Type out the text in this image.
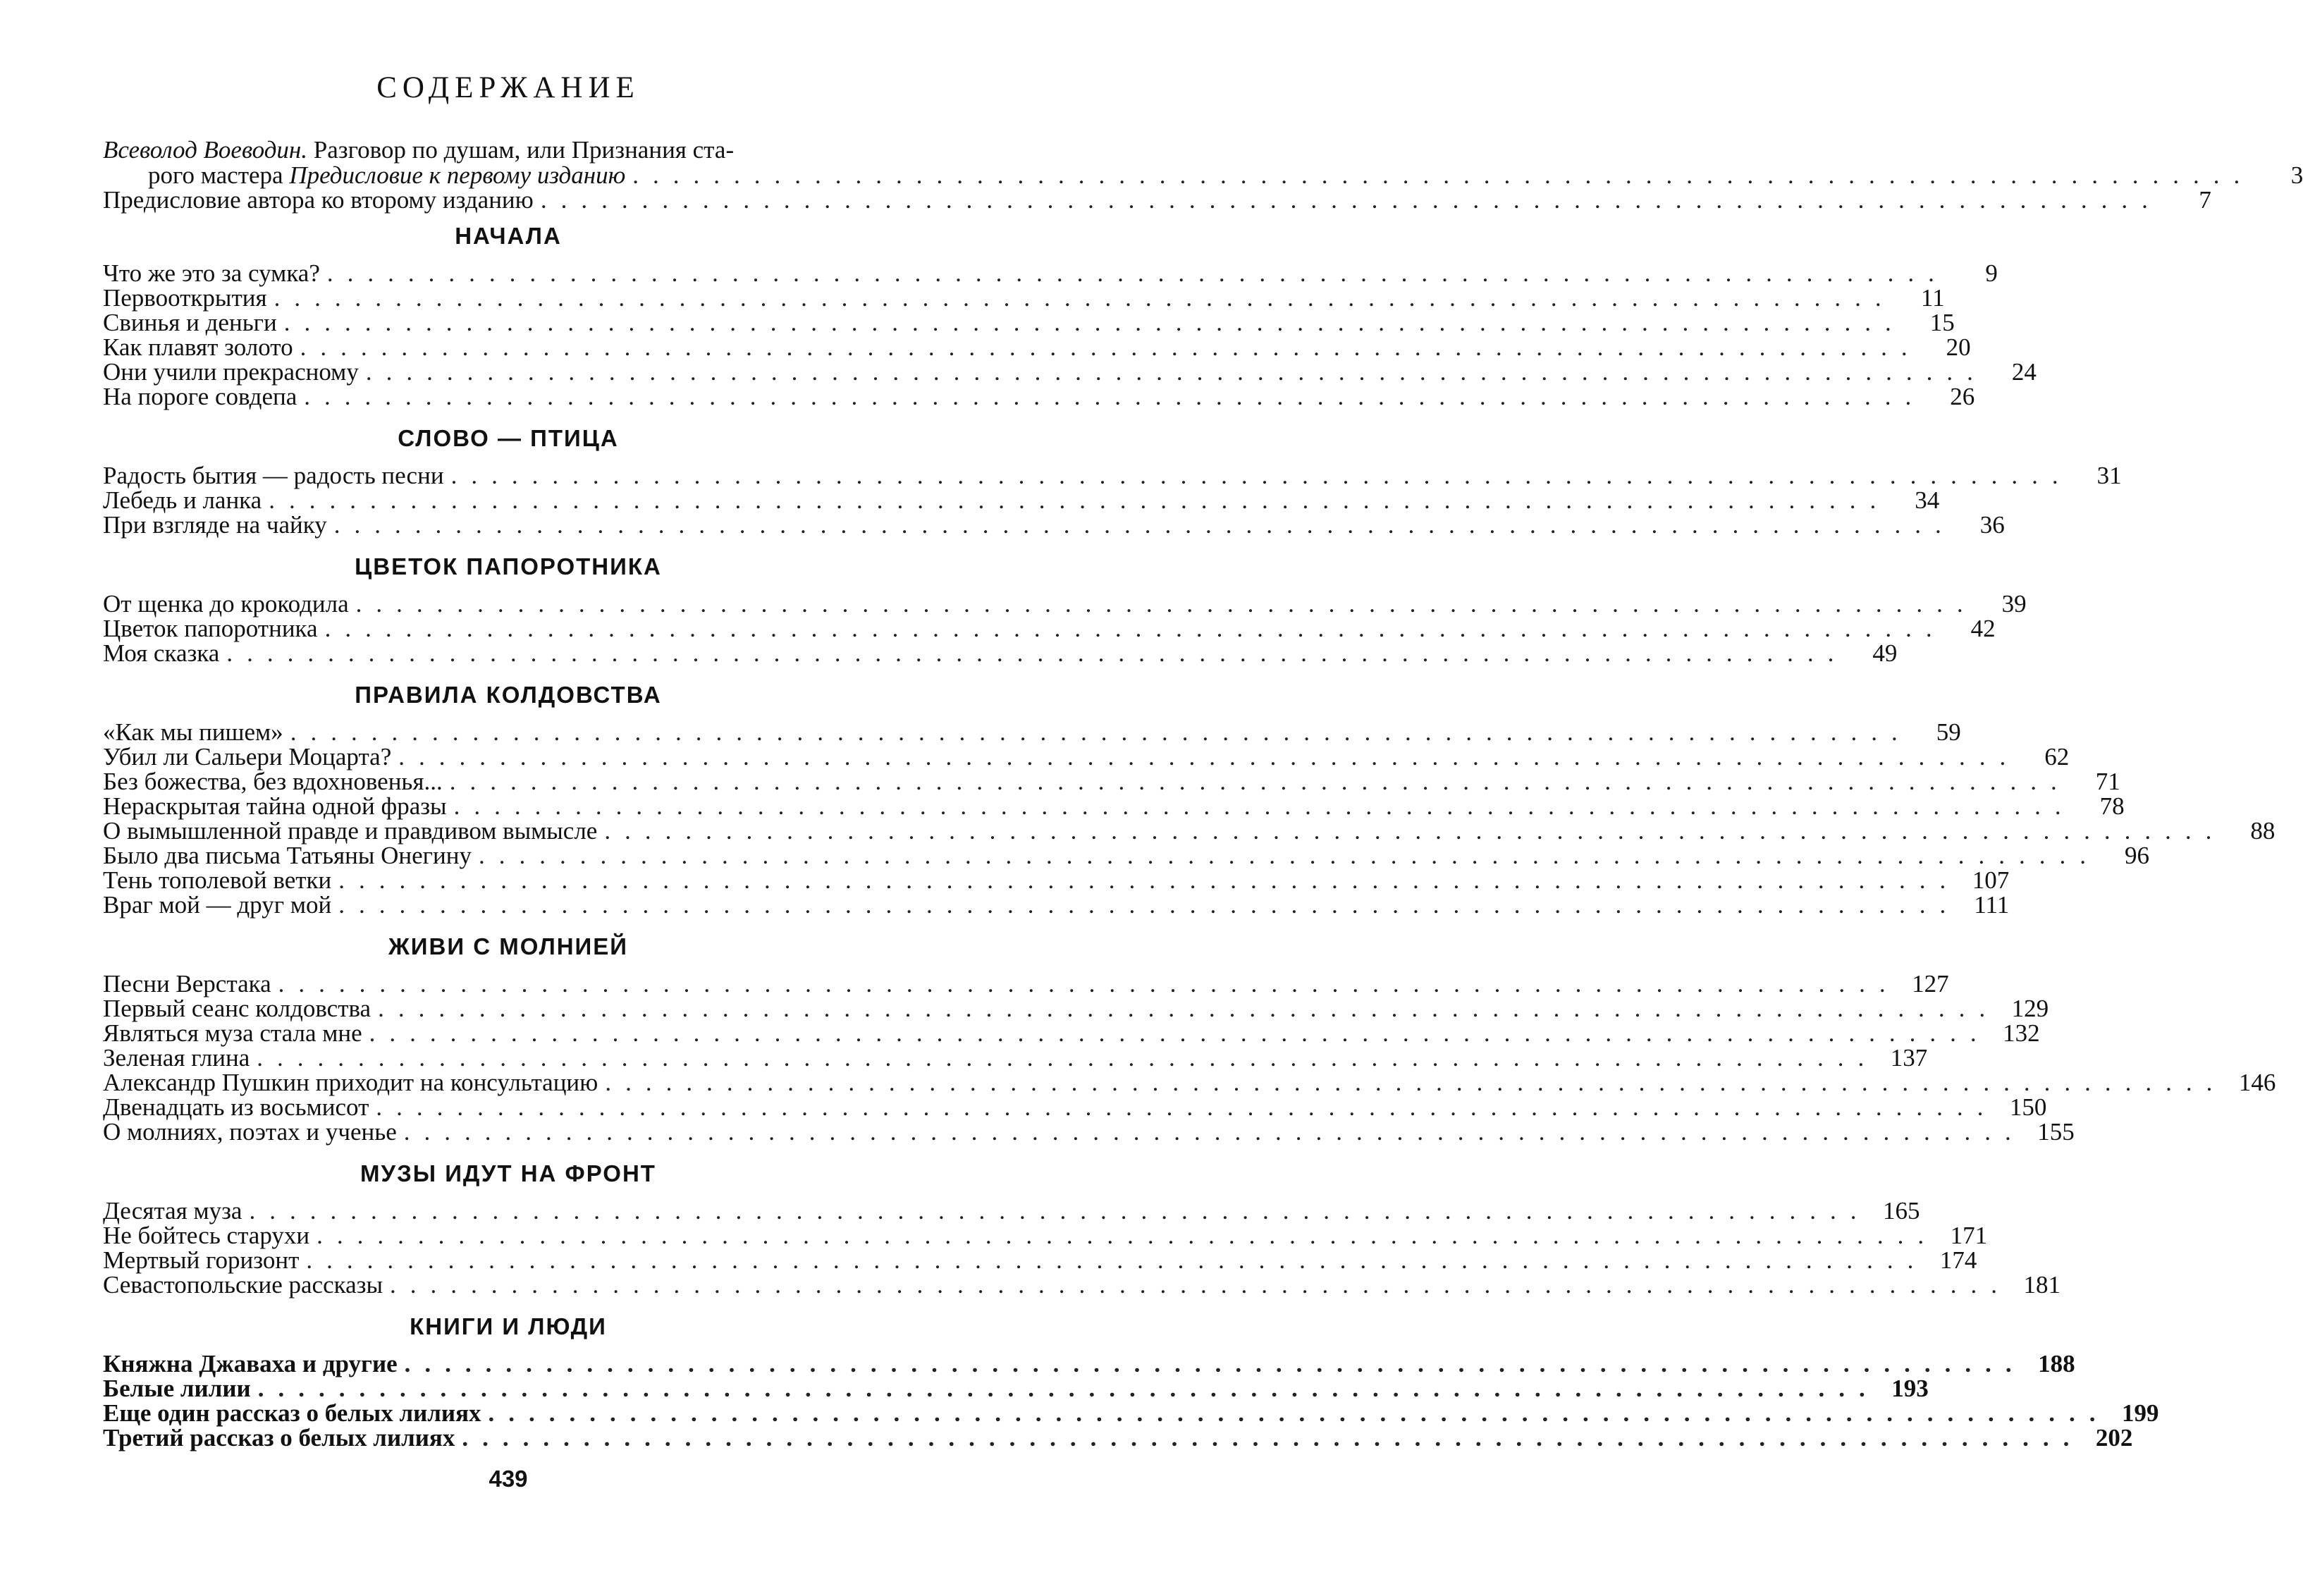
СОДЕРЖАНИЕ
Всеволод Воеводин. Разговор по душам, или Признания ста-
рого мастера Предисловие к первому изданию ................................................................................	3
Предисловие автора ко второму изданию ................................................................................	7
НАЧАЛА
Что же это за сумка? ................................................................................	9
Первооткрытия ................................................................................	11
Свинья и деньги ................................................................................	15
Как плавят золото ................................................................................	20
Они учили прекрасному ................................................................................	24
На пороге совдепа ................................................................................	26
СЛОВО — ПТИЦА
Радость бытия — радость песни ................................................................................	31
Лебедь и ланка ................................................................................	34
При взгляде на чайку ................................................................................	36
ЦВЕТОК ПАПОРОТНИКА
От щенка до крокодила ................................................................................	39
Цветок папоротника ................................................................................	42
Моя сказка ................................................................................	49
ПРАВИЛА КОЛДОВСТВА
«Как мы пишем» ................................................................................	59
Убил ли Сальери Моцарта? ................................................................................	62
Без божества, без вдохновенья... ................................................................................	71
Нераскрытая тайна одной фразы ................................................................................	78
О вымышленной правде и правдивом вымысле ................................................................................	88
Было два письма Татьяны Онегину ................................................................................	96
Тень тополевой ветки ................................................................................ 107
Враг мой — друг мой ................................................................................ 111
ЖИВИ С МОЛНИЕЙ
Песни Верстака ................................................................................ 127
Первый сеанс колдовства ................................................................................ 129
Являться муза стала мне ................................................................................ 132
Зеленая глина ................................................................................ 137
Александр Пушкин приходит на консультацию ................................................................................ 146
Двенадцать из восьмисот ................................................................................ 150
О молниях, поэтах и ученье ................................................................................ 155
МУЗЫ ИДУТ НА ФРОНТ
Десятая муза ................................................................................ 165
Не бойтесь старухи ................................................................................ 171
Мертвый горизонт ................................................................................ 174
Севастопольские рассказы ................................................................................ 181
КНИГИ И ЛЮДИ
Княжна Джаваха и другие ................................................................................ 188
Белые лилии ................................................................................ 193
Еще один рассказ о белых лилиях ................................................................................ 199
Третий рассказ о белых лилиях ................................................................................ 202
439
